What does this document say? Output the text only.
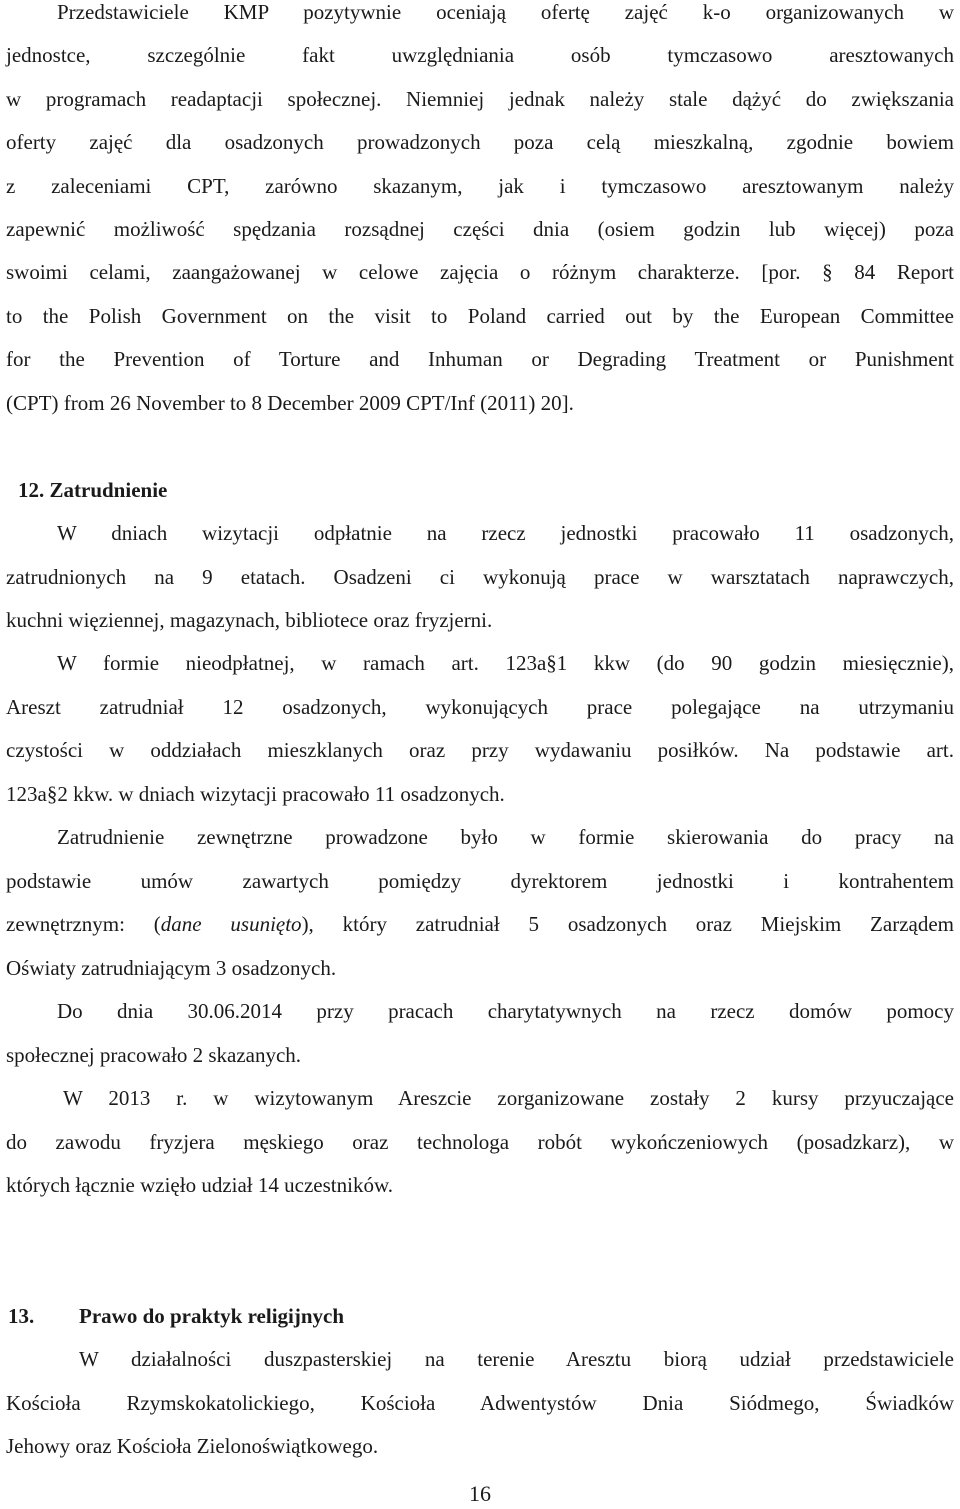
Przedstawiciele KMP pozytywnie oceniają ofertę zajęć k-o organizowanych w
jednostce, szczególnie fakt uwzględniania osób tymczasowo aresztowanych
w programach readaptacji społecznej. Niemniej jednak należy stale dążyć do zwiększania
oferty zajęć dla osadzonych prowadzonych poza celą mieszkalną, zgodnie bowiem
z zaleceniami CPT, zarówno skazanym, jak i tymczasowo aresztowanym należy
zapewnić możliwość spędzania rozsądnej części dnia (osiem godzin lub więcej) poza
swoimi celami, zaangażowanej w celowe zajęcia o różnym charakterze. [por. § 84 Report
to the Polish Government on the visit to Poland carried out by the European Committee
for the Prevention of Torture and Inhuman or Degrading Treatment or Punishment
(CPT) from 26 November to 8 December 2009 CPT/Inf (2011) 20].
12. Zatrudnienie
W dniach wizytacji odpłatnie na rzecz jednostki pracowało 11 osadzonych,
zatrudnionych na 9 etatach. Osadzeni ci wykonują prace w warsztatach naprawczych,
kuchni więziennej, magazynach, bibliotece oraz fryzjerni.
W formie nieodpłatnej, w ramach art. 123a§1 kkw (do 90 godzin miesięcznie),
Areszt zatrudniał 12 osadzonych, wykonujących prace polegające na utrzymaniu
czystości w oddziałach mieszklanych oraz przy wydawaniu posiłków. Na podstawie art.
123a§2 kkw. w dniach wizytacji pracowało 11 osadzonych.
Zatrudnienie zewnętrzne prowadzone było w formie skierowania do pracy na
podstawie umów zawartych pomiędzy dyrektorem jednostki i kontrahentem
zewnętrznym: (dane usunięto), który zatrudniał 5 osadzonych oraz Miejskim Zarządem
Oświaty zatrudniającym 3 osadzonych.
Do dnia 30.06.2014 przy pracach charytatywnych na rzecz domów pomocy
społecznej pracowało 2 skazanych.
W 2013 r. w wizytowanym Areszcie zorganizowane zostały 2 kursy przyuczające
do zawodu fryzjera męskiego oraz technologa robót wykończeniowych (posadzkarz), w
których łącznie wzięło udział 14 uczestników.
13.	Prawo do praktyk religijnych
W działalności duszpasterskiej na terenie Aresztu biorą udział przedstawiciele
Kościoła Rzymskokatolickiego, Kościoła Adwentystów Dnia Siódmego, Świadków
Jehowy oraz Kościoła Zielonoświątkowego.
16
